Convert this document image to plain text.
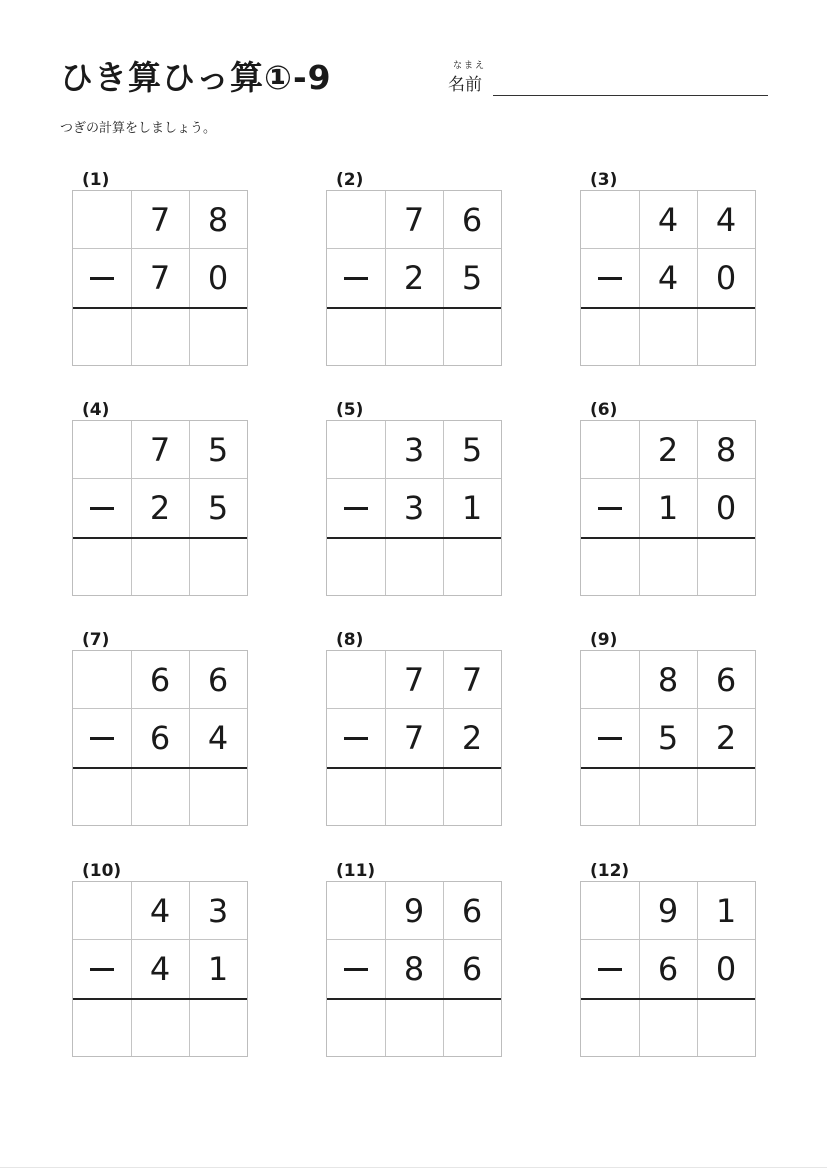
ひき算ひっ算①-9	なまえ
名前
つぎの計算をしましょう。
(1)
7	8
7	0
(2)
7	6
2	5
(3)
4	4
4	0
(4)
7	5
2	5
(5)
3	5
3	1
(6)
2	8
1	0
(7)
6	6
6	4
(8)
7	7
7	2
(9)
8	6
5	2
(10)
4	3
4	1
(11)
9	6
8	6
(12)
9	1
6	0
